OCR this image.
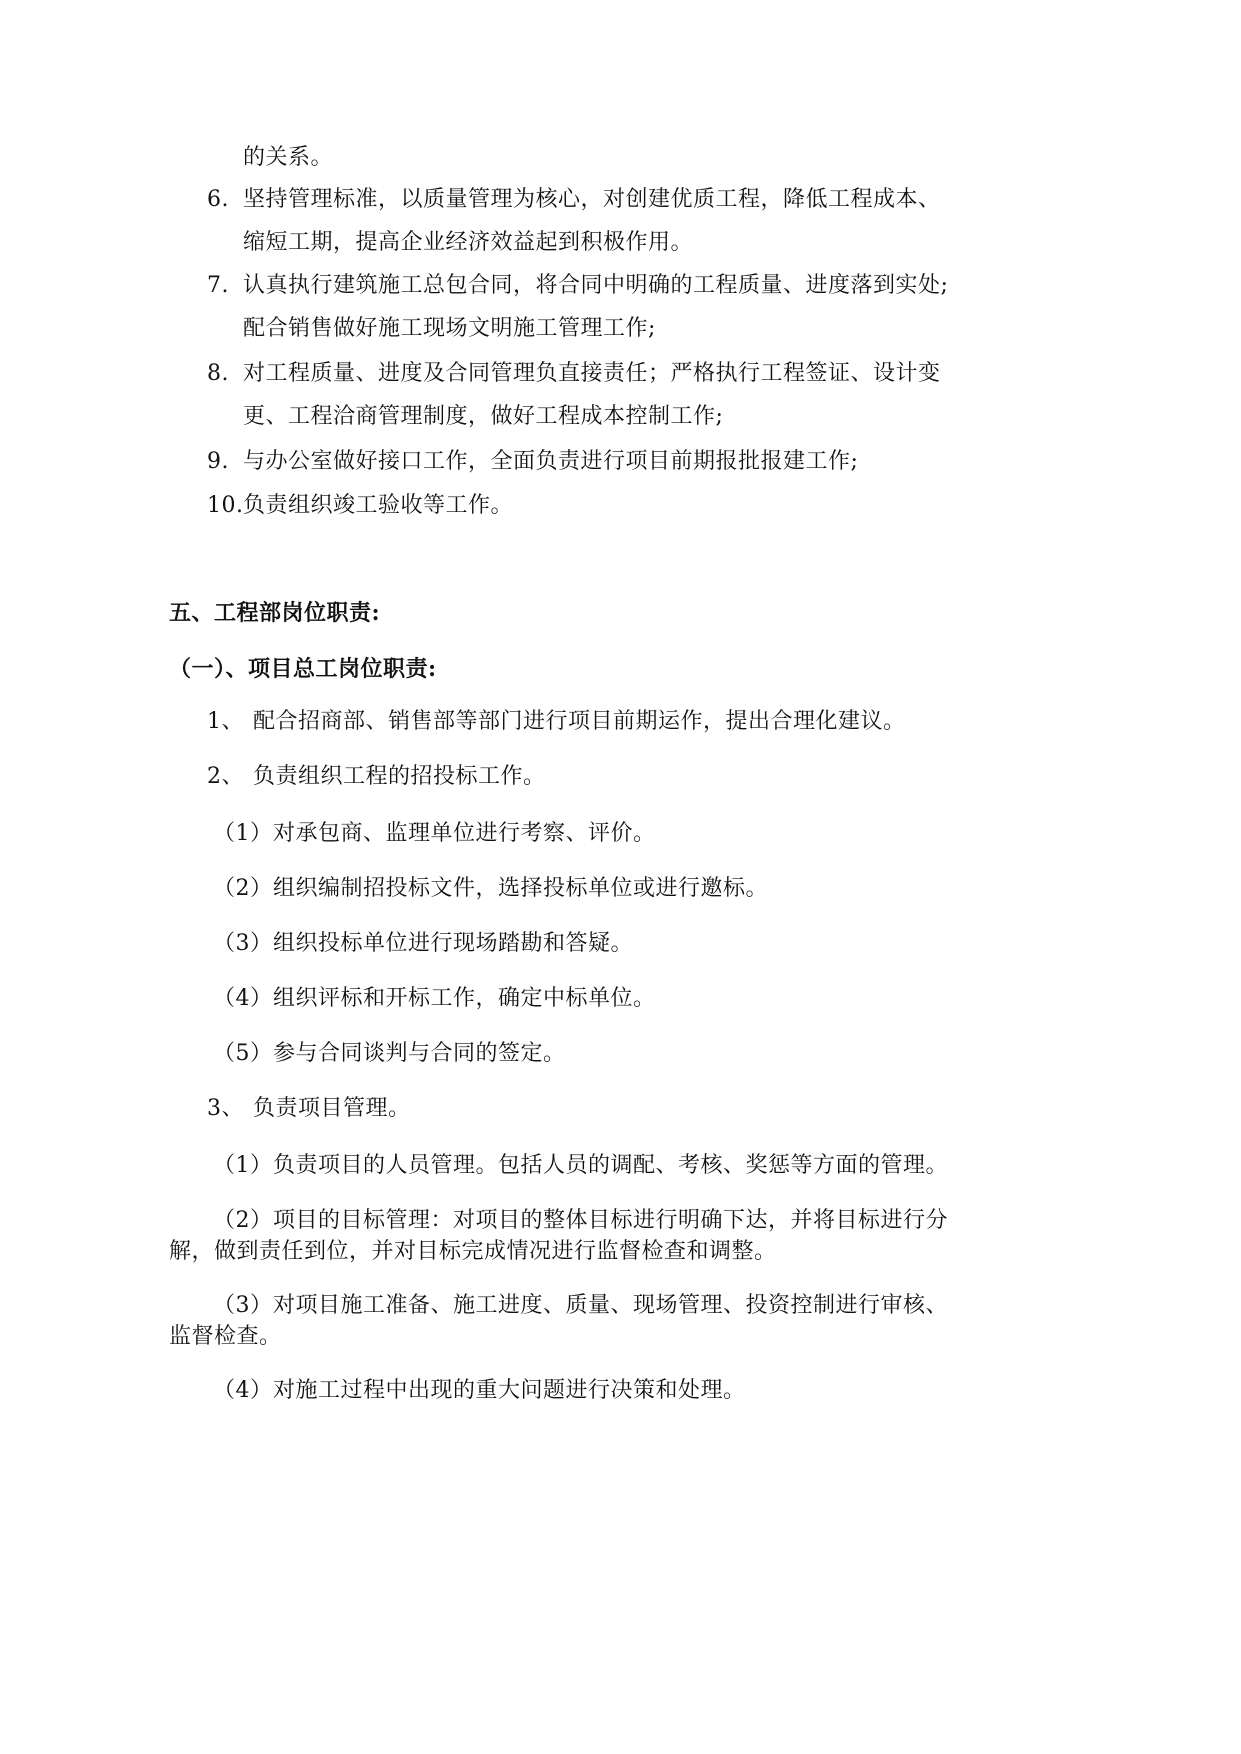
的关系。
6. 坚持管理标准，以质量管理为核心，对创建优质工程，降低工程成本、
缩短工期，提高企业经济效益起到积极作用。
7. 认真执行建筑施工总包合同，将合同中明确的工程质量、进度落到实处;
配合销售做好施工现场文明施工管理工作;
8. 对工程质量、进度及合同管理负直接责任；严格执行工程签证、设计变
更、工程洽商管理制度，做好工程成本控制工作;
9. 与办公室做好接口工作，全面负责进行项目前期报批报建工作;
10.负责组织竣工验收等工作。
五、工程部岗位职责:
（一）、项目总工岗位职责:
1、 配合招商部、销售部等部门进行项目前期运作，提出合理化建议。
2、 负责组织工程的招投标工作。
（1）对承包商、监理单位进行考察、评价。
（2）组织编制招投标文件，选择投标单位或进行邀标。
（3）组织投标单位进行现场踏勘和答疑。
（4）组织评标和开标工作，确定中标单位。
（5）参与合同谈判与合同的签定。
3、 负责项目管理。
（1）负责项目的人员管理。包括人员的调配、考核、奖惩等方面的管理。
（2）项目的目标管理：对项目的整体目标进行明确下达，并将目标进行分
解，做到责任到位，并对目标完成情况进行监督检查和调整。
（3）对项目施工准备、施工进度、质量、现场管理、投资控制进行审核、
监督检查。
（4）对施工过程中出现的重大问题进行决策和处理。
